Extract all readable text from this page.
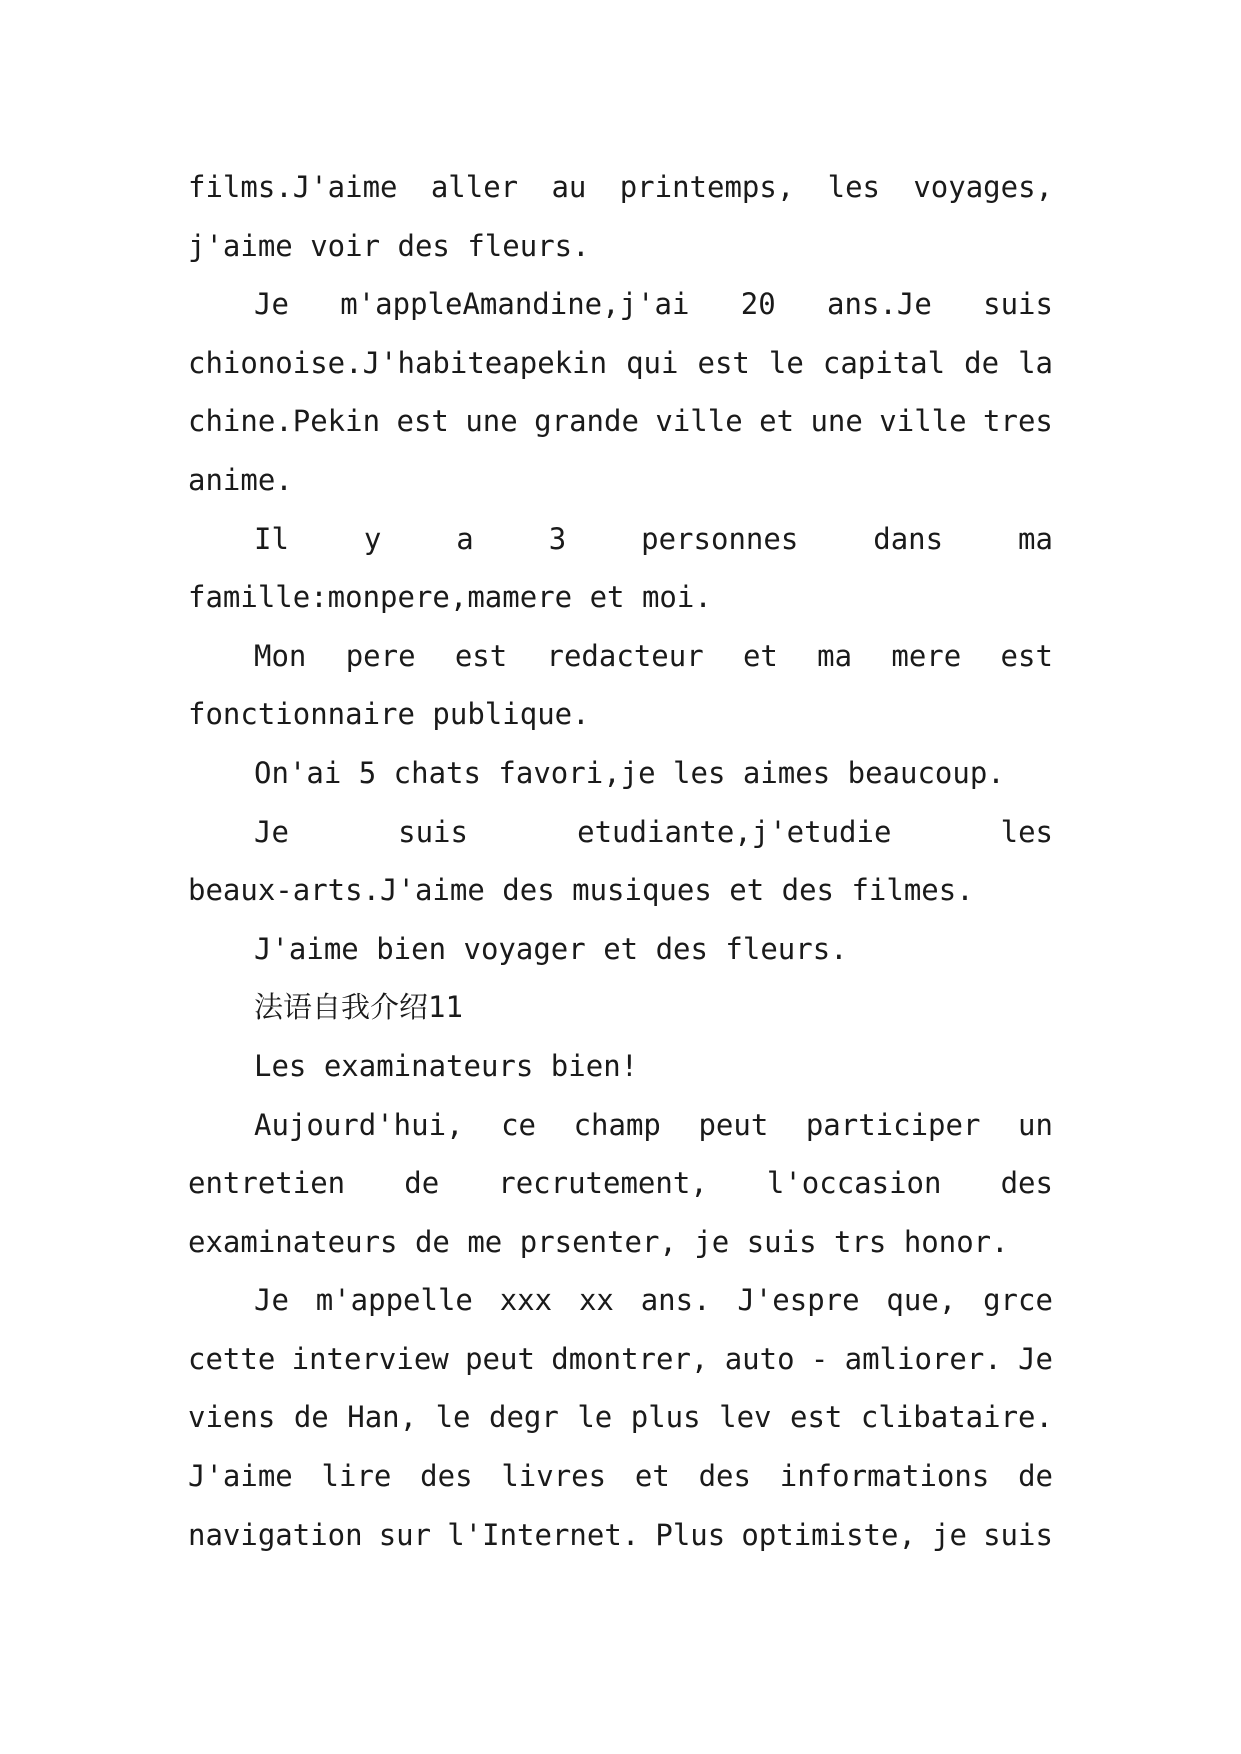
films.J'aime aller au printemps, les voyages,
j'aime voir des fleurs.
Je m'appleAmandine,j'ai 20 ans.Je suis
chionoise.J'habiteapekin qui est le capital de la
chine.Pekin est une grande ville et une ville tres
anime.
Il	y	a	3	personnes	dans	ma
famille:monpere,mamere et moi.
Mon pere est redacteur et ma mere est
fonctionnaire publique.
On'ai 5 chats favori,je les aimes beaucoup.
Je	suis	etudiante,j'etudie	les
beaux-arts.J'aime des musiques et des filmes.
J'aime bien voyager et des fleurs.
法语自我介绍11
Les examinateurs bien!
Aujourd'hui, ce champ peut participer un
entretien de recrutement, l'occasion des
examinateurs de me prsenter, je suis trs honor.
Je m'appelle xxx xx ans. J'espre que, grce
cette interview peut dmontrer, auto - amliorer. Je
viens de Han, le degr le plus lev est clibataire.
J'aime lire des livres et des informations de
navigation sur l'Internet. Plus optimiste, je suis
